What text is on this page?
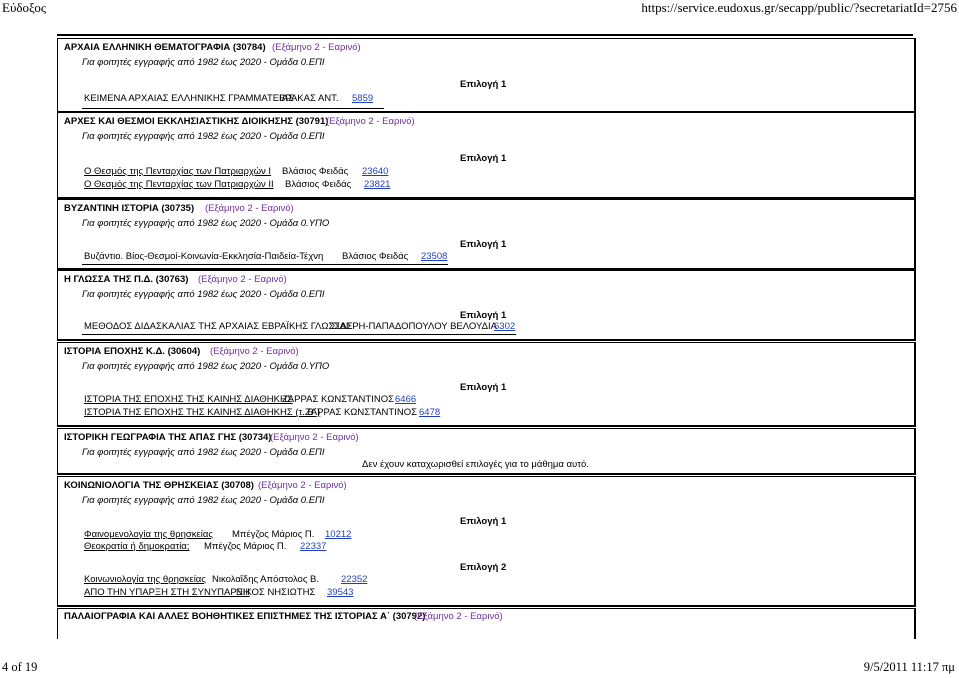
Εύδοξος	https://service.eudoxus.gr/secapp/public/?secretariatId=2756
4 of 19	9/5/2011 11:17 πμ
ΑΡΧΑΙΑ ΕΛΛΗΝΙΚΗ ΘΕΜΑΤΟΓΡΑΦΙΑ (30784) (Εξάμηνο 2 - Εαρινό)
Για φοιτητές εγγραφής από 1982 έως 2020 - Ομάδα 0.ΕΠΙ
Επιλογή 1
ΚΕΙΜΕΝΑ ΑΡΧΑΙΑΣ ΕΛΛΗΝΙΚΗΣ ΓΡΑΜΜΑΤΕΙΑΣ
ΒΡΑΚΑΣ ΑΝΤ. 5859
ΑΡΧΕΣ ΚΑΙ ΘΕΣΜΟΙ ΕΚΚΛΗΣΙΑΣΤΙΚΗΣ ΔΙΟΙΚΗΣΗΣ (30791)
(Εξάμηνο 2 - Εαρινό)
Για φοιτητές εγγραφής από 1982 έως 2020 - Ομάδα 0.ΕΠΙ
Επιλογή 1
Ο Θεσμός της Πενταρχίας των Πατριαρχών I Βλάσιος Φειδάς 23640
Ο Θεσμός της Πενταρχίας των Πατριαρχών II Βλάσιος Φειδάς 23821
ΒΥΖΑΝΤΙΝΗ ΙΣΤΟΡΙΑ (30735) (Εξάμηνο 2 - Εαρινό)
Για φοιτητές εγγραφής από 1982 έως 2020 - Ομάδα 0.ΥΠΟ
Επιλογή 1
Βυζάντιο. Βίος-Θεσμοί-Κοινωνία-Εκκλησία-Παιδεία-Τέχνη Βλάσιος Φειδάς 23508
Η ΓΛΩΣΣΑ ΤΗΣ Π.Δ. (30763) (Εξάμηνο 2 - Εαρινό)
Για φοιτητές εγγραφής από 1982 έως 2020 - Ομάδα 0.ΕΠΙ
Επιλογή 1
ΜΕΘΟΔΟΣ ΔΙΔΑΣΚΑΛΙΑΣ ΤΗΣ ΑΡΧΑΙΑΣ ΕΒΡΑΪΚΗΣ ΓΛΩΣΣΑΣ
ΣΙΔΕΡΗ-ΠΑΠΑΔΟΠΟΥΛΟΥ ΒΕΛΟΥΔΙΑ
6302
ΙΣΤΟΡΙΑ ΕΠΟΧΗΣ Κ.Δ. (30604) (Εξάμηνο 2 - Εαρινό)
Για φοιτητές εγγραφής από 1982 έως 2020 - Ομάδα 0.ΥΠΟ
Επιλογή 1
ΙΣΤΟΡΙΑ ΤΗΣ ΕΠΟΧΗΣ ΤΗΣ ΚΑΙΝΗΣ ΔΙΑΘΗΚΗΣ
ΖΑΡΡΑΣ ΚΩΝΣΤΑΝΤΙΝΟΣ 6466
ΙΣΤΟΡΙΑ ΤΗΣ ΕΠΟΧΗΣ ΤΗΣ ΚΑΙΝΗΣ ΔΙΑΘΗΚΗΣ (τ. Β΄)
ΖΑΡΡΑΣ ΚΩΝΣΤΑΝΤΙΝΟΣ 6478
ΙΣΤΟΡΙΚΗ ΓΕΩΓΡΑΦΙΑ ΤΗΣ ΑΠΑΣ ΓΗΣ (30734)
(Εξάμηνο 2 - Εαρινό)
Για φοιτητές εγγραφής από 1982 έως 2020 - Ομάδα 0.ΕΠΙ
Δεν έχουν καταχωρισθεί επιλογές για το μάθημα αυτό.
ΚΟΙΝΩΝΙΟΛΟΓΙΑ ΤΗΣ ΘΡΗΣΚΕΙΑΣ (30708) (Εξάμηνο 2 - Εαρινό)
Για φοιτητές εγγραφής από 1982 έως 2020 - Ομάδα 0.ΕΠΙ
Επιλογή 1
Φαινομενολογία της θρησκείας Μπέγζος Μάριος Π. 10212
Θεοκρατία ή δημοκρατία; Μπέγζος Μάριος Π. 22337
Επιλογή 2
Κοινωνιολογία της θρησκείας Νικολαΐδης Απόστολος Β. 22352
ΑΠΟ ΤΗΝ ΥΠΑΡΞΗ ΣΤΗ ΣΥΝΥΠΑΡΞΗ
ΝΙΚΟΣ ΝΗΣΙΩΤΗΣ 39543
ΠΑΛΑΙΟΓΡΑΦΙΑ ΚΑΙ ΑΛΛΕΣ ΒΟΗΘΗΤΙΚΕΣ ΕΠΙΣΤΗΜΕΣ ΤΗΣ ΙΣΤΟΡΙΑΣ Α΄ (30792)
(Εξάμηνο 2 - Εαρινό)
